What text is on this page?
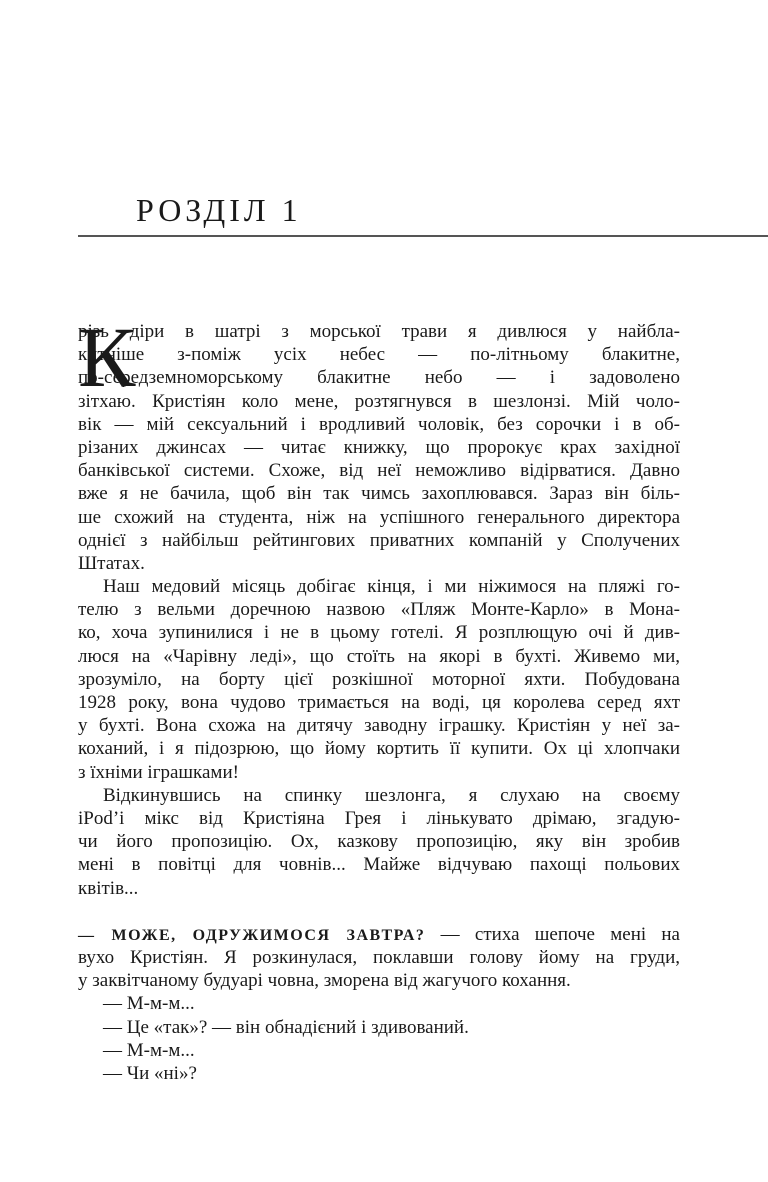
РОЗДІЛ 1
К
різь діри в шатрі з морської трави я дивлюся у найбла-
китніше з-поміж усіх небес — по-літньому блакитне,
по-середземноморському блакитне небо — і задоволено
зітхаю. Кристіян коло мене, розтягнувся в шезлонзі. Мій чоло-
вік — мій сексуальний і вродливий чоловік, без сорочки і в об-
різаних джинсах — читає книжку, що пророкує крах західної
банківської системи. Схоже, від неї неможливо відірватися. Давно
вже я не бачила, щоб він так чимсь захоплювався. Зараз він біль-
ше схожий на студента, ніж на успішного генерального директора
однієї з найбільш рейтингових приватних компаній у Сполучених
Штатах.
Наш медовий місяць добігає кінця, і ми ніжимося на пляжі го-
телю з вельми доречною назвою «Пляж Монте-Карло» в Мона-
ко, хоча зупинилися і не в цьому готелі. Я розплющую очі й див-
люся на «Чарівну леді», що стоїть на якорі в бухті. Живемо ми,
зрозуміло, на борту цієї розкішної моторної яхти. Побудована
1928 року, вона чудово тримається на воді, ця королева серед яхт
у бухті. Вона схожа на дитячу заводну іграшку. Кристіян у неї за-
коханий, і я підозрюю, що йому кортить її купити. Ох ці хлопчаки
з їхніми іграшками!
Відкинувшись на спинку шезлонга, я слухаю на своєму
iPod’і мікс від Кристіяна Грея і лінькувато дрімаю, згадую-
чи його пропозицію. Ох, казкову пропозицію, яку він зробив
мені в повітці для човнів... Майже відчуваю пахощі польових
квітів...
— МОЖЕ, ОДРУЖИМОСЯ ЗАВТРА? — стиха шепоче мені на
вухо Кристіян. Я розкинулася, поклавши голову йому на груди,
у заквітчаному будуарі човна, зморена від жагучого кохання.
— М-м-м...
— Це «так»? — він обнадієний і здивований.
— М-м-м...
— Чи «ні»?
